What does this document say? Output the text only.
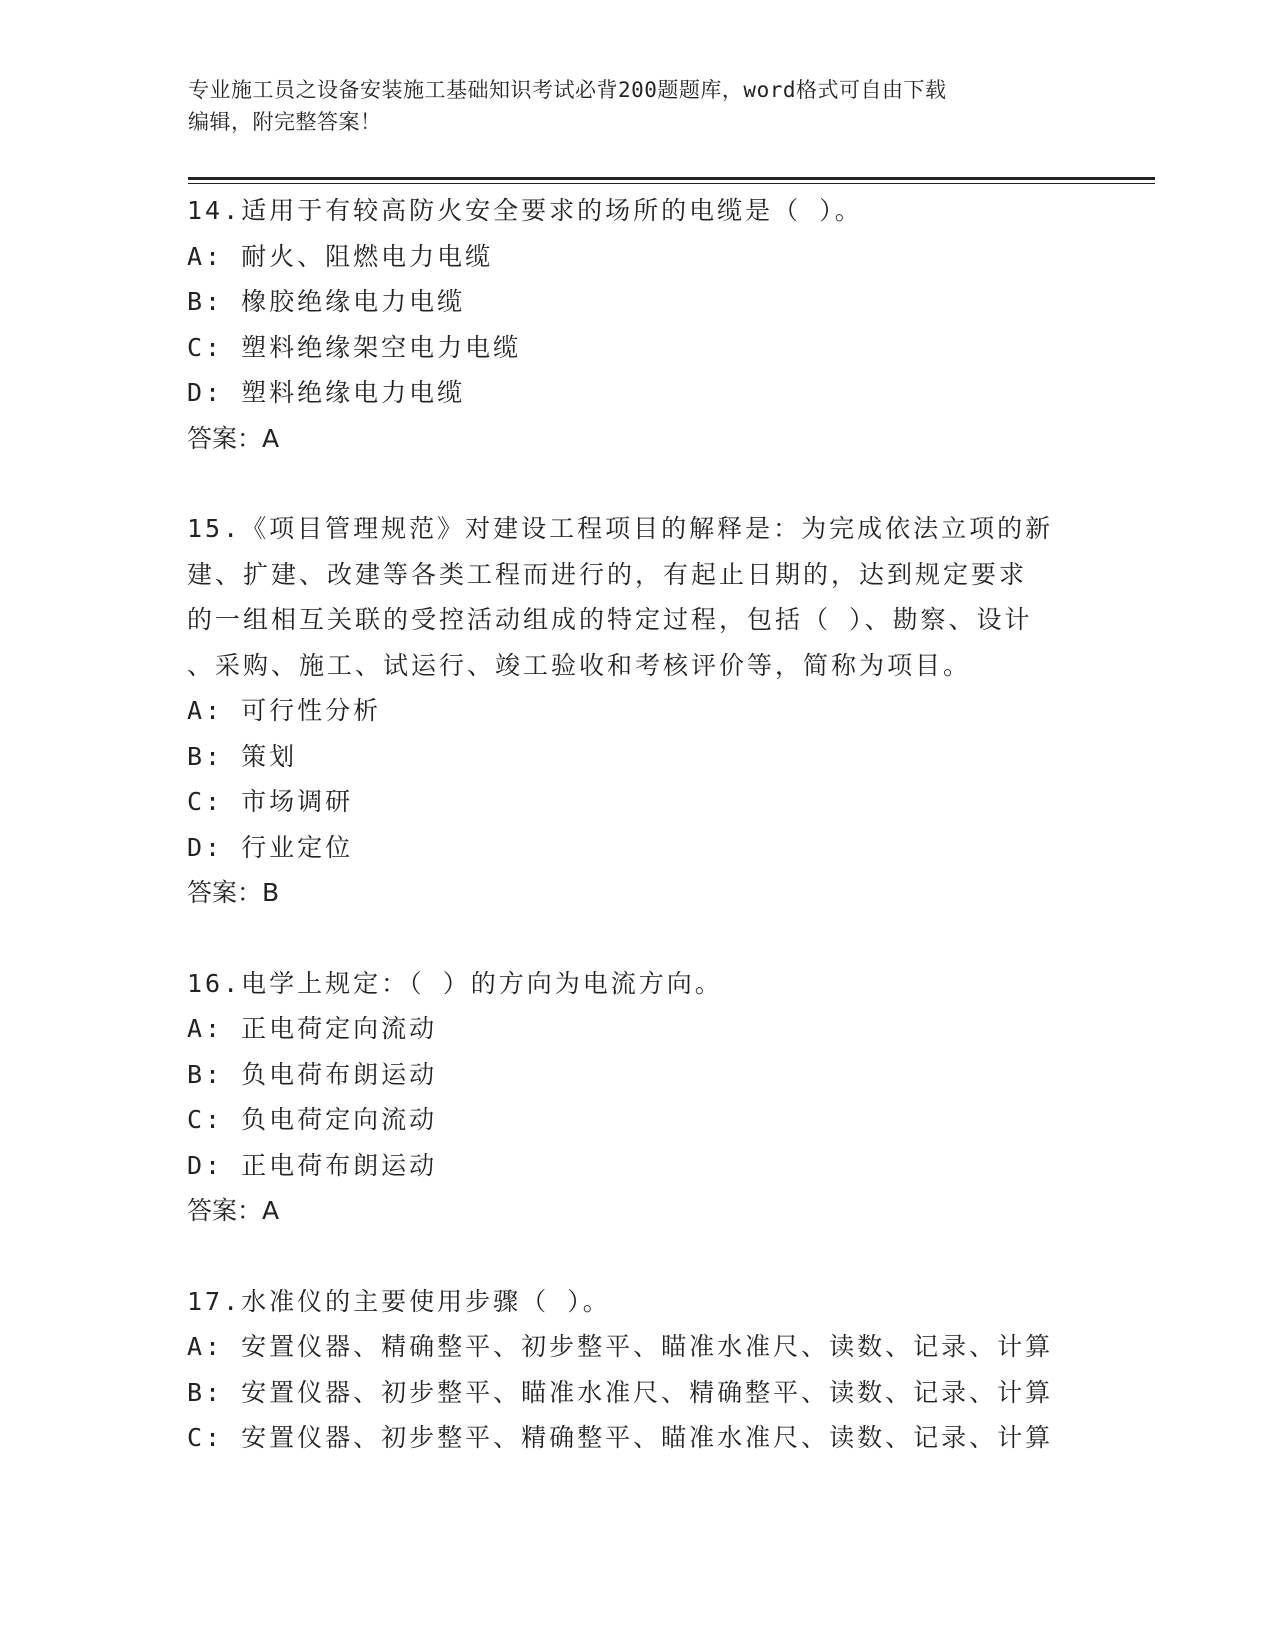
专业施工员之设备安装施工基础知识考试必背200题题库，word格式可自由下载
编辑，附完整答案！
14.适用于有较高防火安全要求的场所的电缆是（ ）。
A: 耐火、阻燃电力电缆
B: 橡胶绝缘电力电缆
C: 塑料绝缘架空电力电缆
D: 塑料绝缘电力电缆
答案：A
15.《项目管理规范》对建设工程项目的解释是：为完成依法立项的新
建、扩建、改建等各类工程而进行的，有起止日期的，达到规定要求
的一组相互关联的受控活动组成的特定过程，包括（ ）、勘察、设计
、采购、施工、试运行、竣工验收和考核评价等，简称为项目。
A: 可行性分析
B: 策划
C: 市场调研
D: 行业定位
答案：B
16.电学上规定：（ ）的方向为电流方向。
A: 正电荷定向流动
B: 负电荷布朗运动
C: 负电荷定向流动
D: 正电荷布朗运动
答案：A
17.水准仪的主要使用步骤（ ）。
A: 安置仪器、精确整平、初步整平、瞄准水准尺、读数、记录、计算
B: 安置仪器、初步整平、瞄准水准尺、精确整平、读数、记录、计算
C: 安置仪器、初步整平、精确整平、瞄准水准尺、读数、记录、计算
